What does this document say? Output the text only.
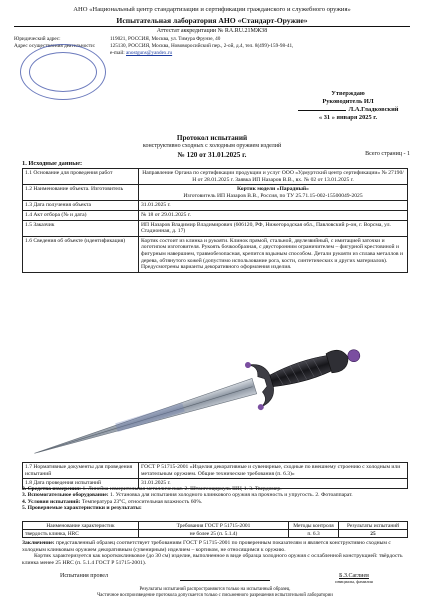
АНО «Национальный центр стандартизации и сертификации гражданского и служебного оружия»
Испытательная лаборатория АНО «Стандарт-Оружие»
Аттестат аккредитации № RA.RU.21МЖ38
Юридический адрес:	119021, РОССИЯ, Москва, ул. Тимура Фрунзе, 40
Адрес осуществления деятельности:	125130, РОССИЯ, Москва, Нововоросийский пер., 2-ой, д.4, тел. 8(499)-159-98-41,
e-mail: anostguns@yandex.ru
Утверждаю
Руководитель ИЛ
Л.А.Гладковский
« 31 » января 2025 г.
Протокол испытаний
конструктивно сходных с холодным оружием изделий
№ 120 от 31.01.2025 г.	Всего страниц - 1
1. Исходные данные:
1.1 Основание для проведения работ	Направление Органа по сертификации продукции и услуг ООО «Удмуртский центр сертификации» № 27190/Н от 28.01.2025 г. Заявка ИП Назаров В.В., вх. № 02 от 13.01.2025 г.
1.2 Наименование объекта. Изготовитель	Кортик модели «Парадный»
Изготовитель ИП Назаров В.В., Россия, по ТУ 25.71.15-002-15500049-2025
1.3 Дата получения объекта	31.01.2025 г.
1.4 Акт отбора (№ и дата)	№ 18 от 29.01.2025 г.
1.5 Заказчик	ИП Назаров Владимир Владимирович (606120, РФ, Нижегородская обл., Павловский р-он, г. Ворсма, ул. Стадионная, д. 17)
1.6 Сведения об объекте (идентификация)	Кортик состоит из клинка и рукояти. Клинок прямой, стальной, двулезвийный, с имитацией заточки и логотипом изготовителя. Рукоять бочкообразная, с двусторонним ограничителем – фигурной крестовиной и фигурным навершием, травмобезопасная, крепится вздыным способом. Детали рукояти из сплава металлов и дерева, обтянутого кожей (допустимо использование рога, кости, синтетических и других материалов). Предусмотрены варианты декоративного оформления изделия.
1.7 Нормативные документы для проведения испытаний	ГОСТ Р 51715-2001 «Изделия декоративные и сувенирные, сходные по внешнему строению с холодным или метательным оружием. Общие технические требования (п. 6.3)»
1.8 Дата проведения испытаний	31.01.2025 г.
2. Средства измерения: 1. Линейка измерительная металлическая. 2. Штангенциркуль ШЦ-1. 3. Твердомер.
3. Вспомогательное оборудование: 1. Установка для испытания холодного клинкового оружия на прочность и упругость. 2. Фотоаппарат.
4. Условия испытаний: Температура 23°С, относительная влажность 60%.
5. Проверяемые характеристики и результаты:
Наименование характеристик	Требования ГОСТ Р 51715-2001	Методы контроля	Результаты испытаний
твердость клинка, HRC	не более 25 (п. 5.1.4)	п. 6.3	25
Заключение: представленный образец соответствует требованиям ГОСТ Р 51715-2001 по проверенным показателям и является конструктивно сходным с холодным клинковым оружием декоративным (сувенирным) изделием – кортиком, не относящимся к оружию.
Кортик характеризуется как короткоклинковое (до 30 см) изделие, выполненное в виде образца холодного оружия с ослабленной конструкцией: твёрдость клинка менее 25 HRC (п. 5.1.4 ГОСТ Р 51715-2001).
Испытания провел	Б.З.Саглиев
инициалы, фамилия
Результаты испытаний распространяются только на испытанный образец.
Частичное воспроизведение протокола допускается только с письменного разрешения испытательной лаборатории
